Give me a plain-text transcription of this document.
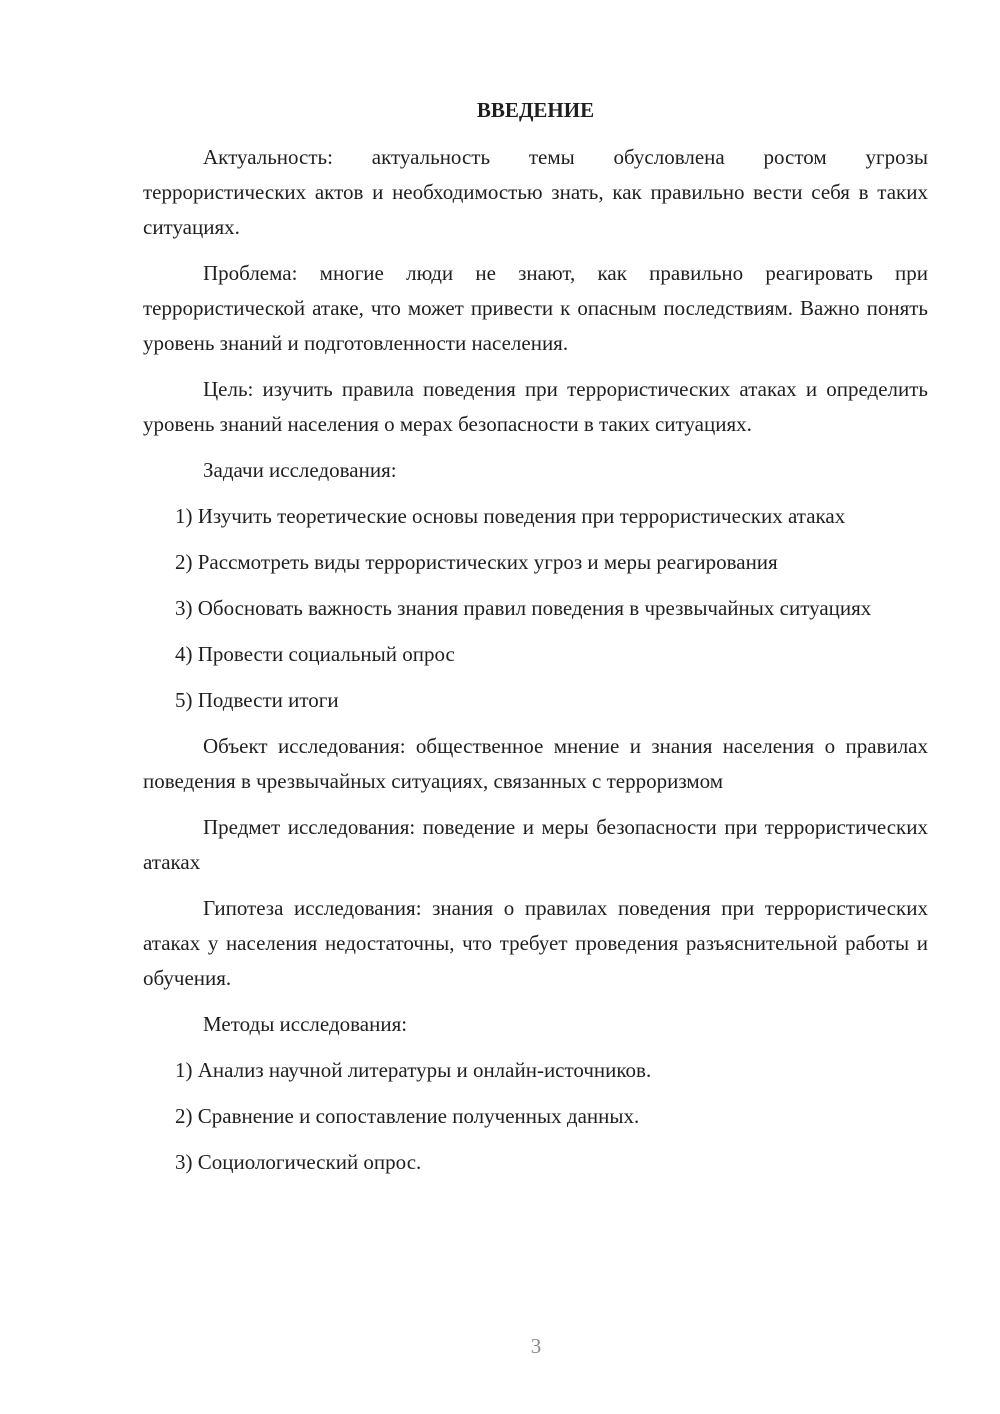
ВВЕДЕНИЕ

Актуальность: актуальность темы обусловлена ростом угрозы террористических актов и необходимостью знать, как правильно вести себя в таких ситуациях.

Проблема: многие люди не знают, как правильно реагировать при террористической атаке, что может привести к опасным последствиям. Важно понять уровень знаний и подготовленности населения.

Цель: изучить правила поведения при террористических атаках и определить уровень знаний населения о мерах безопасности в таких ситуациях.

Задачи исследования:

1) Изучить теоретические основы поведения при террористических атаках

2) Рассмотреть виды террористических угроз и меры реагирования

3) Обосновать важность знания правил поведения в чрезвычайных ситуациях

4) Провести социальный опрос

5) Подвести итоги

Объект исследования: общественное мнение и знания населения о правилах поведения в чрезвычайных ситуациях, связанных с терроризмом

Предмет исследования: поведение и меры безопасности при террористических атаках

Гипотеза исследования: знания о правилах поведения при террористических атаках у населения недостаточны, что требует проведения разъяснительной работы и обучения.

Методы исследования:

1) Анализ научной литературы и онлайн-источников.

2) Сравнение и сопоставление полученных данных.

3) Социологический опрос.

3
